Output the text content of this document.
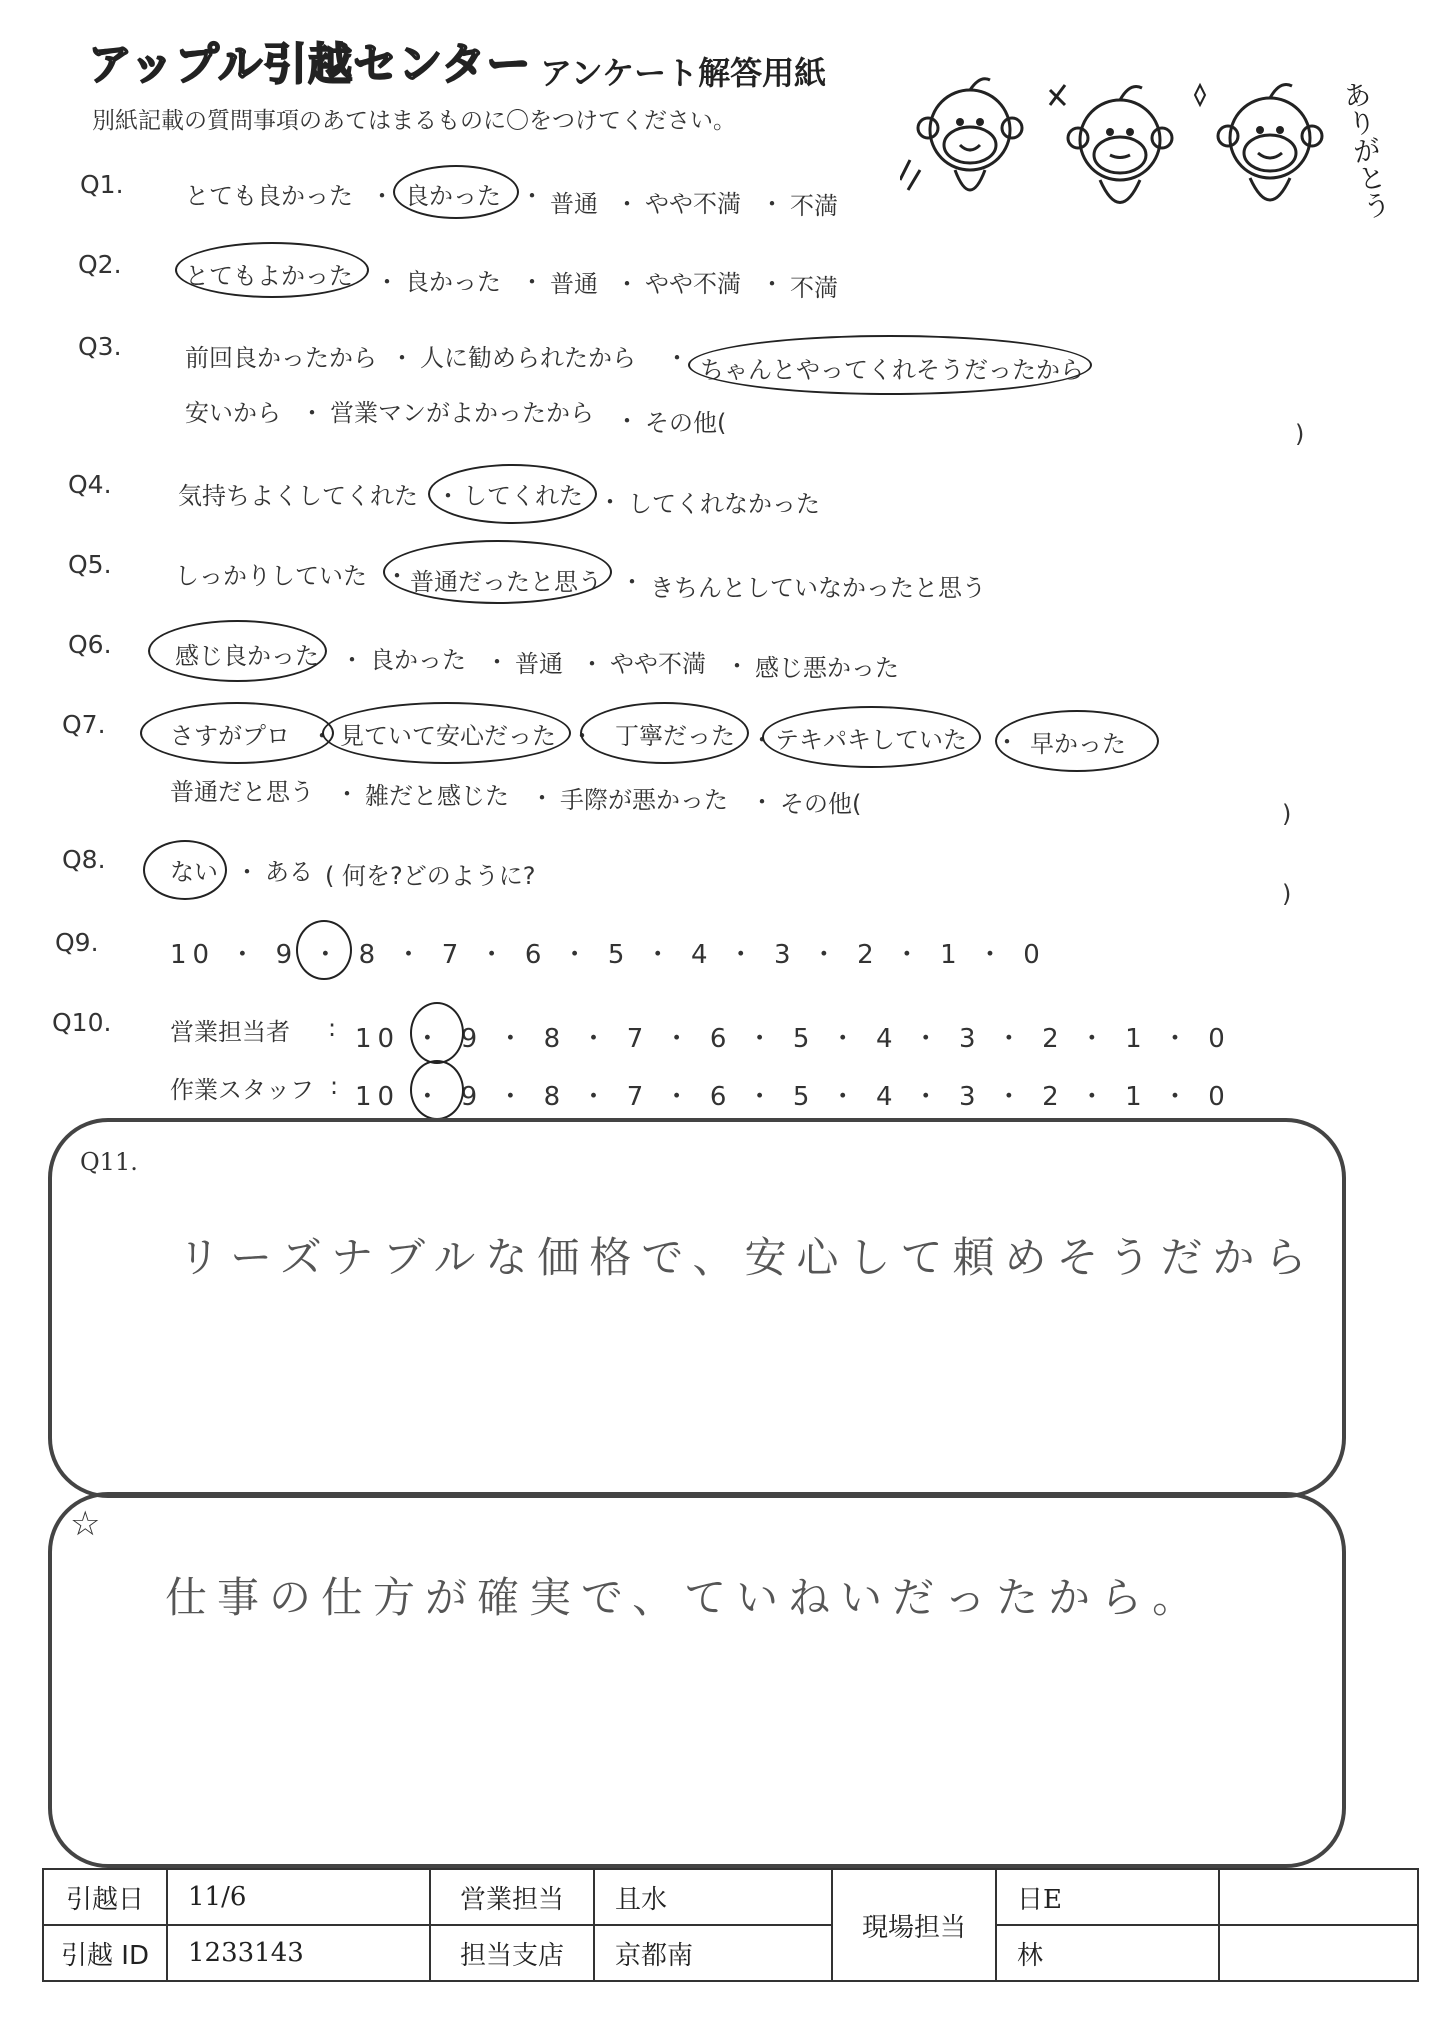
アップル引越センター アンケート解答用紙
別紙記載の質問事項のあてはまるものに〇をつけてください。	ありがとう
Q1.	とても良かった ・ 良かった ・ 普通 ・ やや不満 ・ 不満
Q2.	とてもよかった ・ 良かった ・ 普通 ・ やや不満 ・ 不満
Q3.	前回良かったから ・ 人に勧められたから ・ ちゃんとやってくれそうだったから
安いから ・ 営業マンがよかったから ・ その他(	)
Q4.	気持ちよくしてくれた ・ してくれた ・ してくれなかった
Q5.	しっかりしていた ・ 普通だったと思う ・ きちんとしていなかったと思う
Q6.	感じ良かった ・ 良かった ・ 普通 ・ やや不満 ・ 感じ悪かった
Q7.	さすがプロ ・ 見ていて安心だった ・ 丁寧だった ・ テキパキしていた ・ 早かった
普通だと思う ・ 雑だと感じた ・ 手際が悪かった ・ その他(	)
Q8.	ない ・ ある ( 何を?どのように?
)
Q9.	10 ・ 9 ・ 8 ・ 7 ・ 6 ・ 5 ・ 4 ・ 3 ・ 2 ・ 1 ・ 0
Q10. 営業担当者 : 10 ・ 9 ・ 8 ・ 7 ・ 6 ・ 5 ・ 4 ・ 3 ・ 2 ・ 1 ・ 0
作業スタッフ : 10 ・ 9 ・ 8 ・ 7 ・ 6 ・ 5 ・ 4 ・ 3 ・ 2 ・ 1 ・ 0
Q11.
リーズナブルな価格で、安心して頼めそうだから
☆
仕事の仕方が確実で、ていねいだったから。
引越日	11/6	営業担当	且水	現場担当	日E	
引越 ID	1233143	担当支店	京都南		林	
